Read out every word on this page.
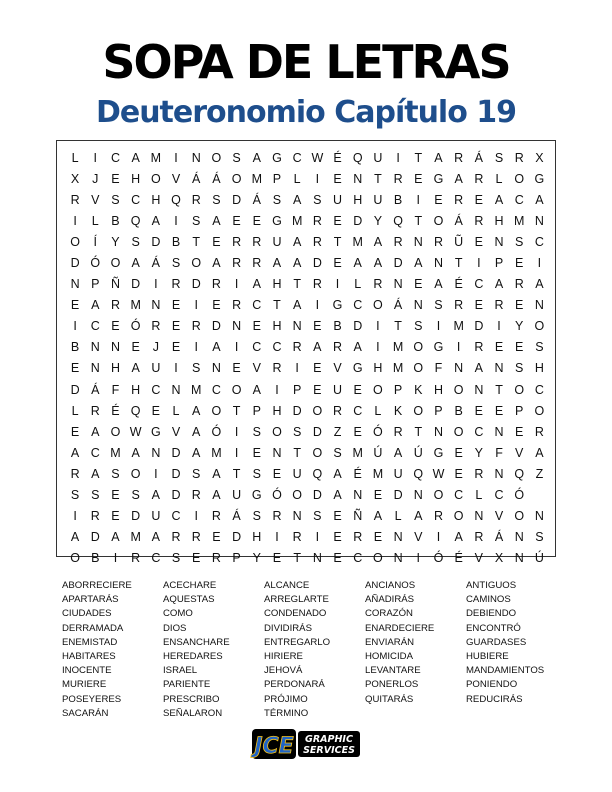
SOPA DE LETRAS
Deuteronomio Capítulo 19
L	I	C A M	I	N O S A G C W É Q U	I	T A R Á S R X
X	J	E H O V Á Á O M P	L	I	E N T R E G A R L O G
R V S C H Q R S D Á S A S U H U B	I	E R E A C A
I	L	B Q A	I	S A E E G M R E D Y Q T O Á R H M N
O	Í	Y S D B T E R R U A R T M A R N R Ũ E N S C
D Ó O A Á S O A R R A A D E A A D A N T	I	P E	I
N P Ñ D	I	R D R	I	A H T R	I	L R N E A É C A R A
E A R M N E	I	E R C T A	I	G C O Á N S R E R E N
I	C E Ó R E R D N E H N E B D	I	T S	I	M D	I	Y O
B N N E	J	E	I	A	I	C C R A R A	I	M O G	I	R E E S
E N H A U	I	S N E V R	I	E V G H M O F N A N S H
D Á F H C N M C O A	I	P E U E O P K H O N T O C
L R É Q E	L	A O T P H D O R C L	K O P B E E P O
E A O W G V A Ó	I	S O S D Z E Ó R T N O C N E R
A C M A N D A M	I	E N T O S M Ú A Ú G E Y F V A
R A S O	I	D S A T S E U Q A É M U Q W E R N Q Z
S S E S A D R A U G Ó O D A N E D N O C L C Ó
I	R E D U C	I	R Á S R N S E Ñ A	L	A R O N V O N
A D A M A R R E D H	I	R	I	E R E N V	I	A R Á N S
O B	I	R C S E R P Y E T N E C O N	I	Ó É V X N Ú
ABORRECIERE	ACECHARE	ALCANCE	ANCIANOS	ANTIGUOS
APARTARÁS	AQUESTAS	ARREGLARTE	AÑADIRÁS	CAMINOS
CIUDADES	COMO	CONDENADO	CORAZÓN	DEBIENDO
DERRAMADA	DIOS	DIVIDIRÁS	ENARDECIERE	ENCONTRÓ
ENEMISTAD	ENSANCHARE	ENTREGARLO	ENVIARÁN	GUARDASES
HABITARES	HEREDARES	HIRIERE	HOMICIDA	HUBIERE
INOCENTE	ISRAEL	JEHOVÁ	LEVANTARE	MANDAMIENTOS
MURIERE	PARIENTE	PERDONARÁ	PONERLOS	PONIENDO
POSEYERES	PRESCRIBO	PRÓJIMO	QUITARÁS	REDUCIRÁS
SACARÁN	SEÑALARON	TÉRMINO
JCE GRAPHIC
SERVICES
